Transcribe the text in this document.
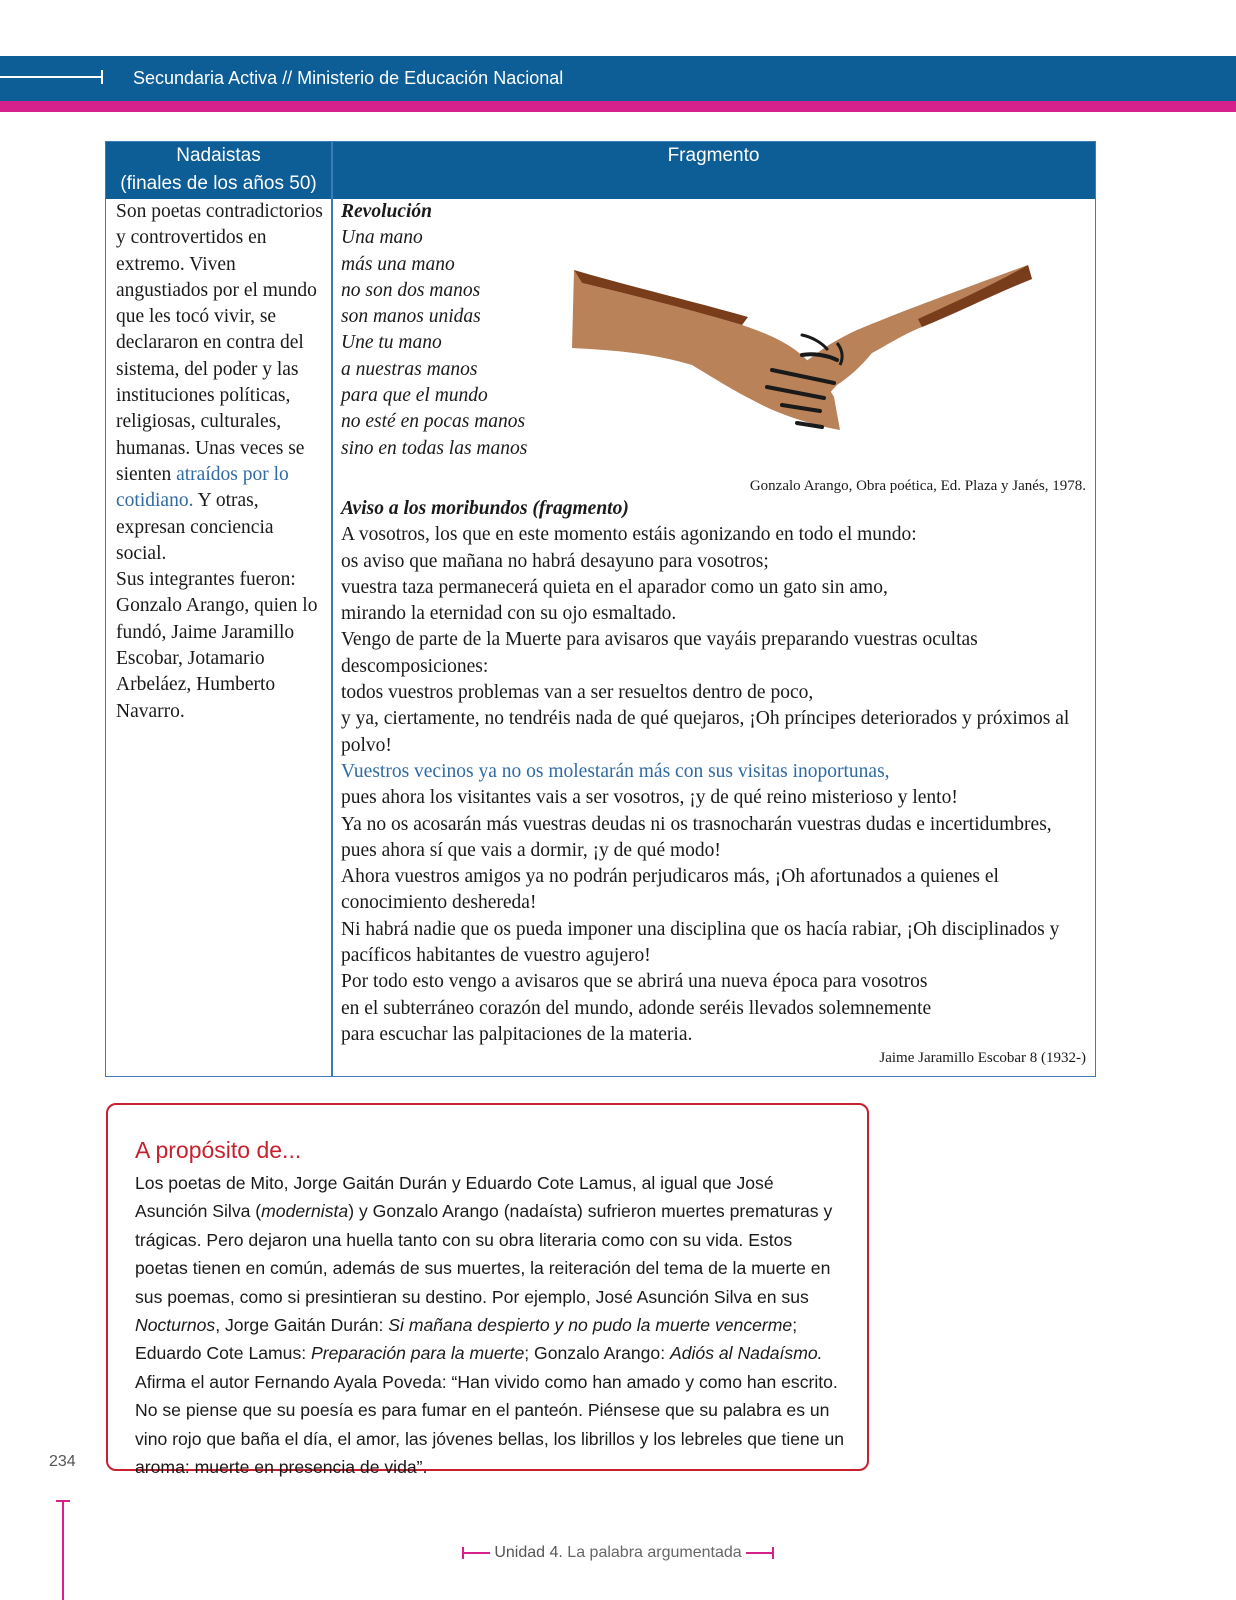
Secundaria Activa // Ministerio de Educación Nacional
Nadaistas
(finales de los años 50)
Fragmento
Son poetas contradictorios y controvertidos en extremo. Viven angustiados por el mundo que les tocó vivir, se declararon en contra del sistema, del poder y las instituciones políticas, religiosas, culturales, humanas. Unas veces se sienten atraídos por lo cotidiano. Y otras, expresan conciencia social.
Sus integrantes fueron: Gonzalo Arango, quien lo fundó, Jaime Jaramillo Escobar, Jotamario Arbeláez, Humberto Navarro.
Revolución
Una mano
más una mano
no son dos manos
son manos unidas
Une tu mano
a nuestras manos
para que el mundo
no esté en pocas manos
sino en todas las manos
Gonzalo Arango, Obra poética, Ed. Plaza y Janés, 1978.
Aviso a los moribundos (fragmento)
A vosotros, los que en este momento estáis agonizando en todo el mundo:
os aviso que mañana no habrá desayuno para vosotros;
vuestra taza permanecerá quieta en el aparador como un gato sin amo,
mirando la eternidad con su ojo esmaltado.
Vengo de parte de la Muerte para avisaros que vayáis preparando vuestras ocultas descomposiciones:
todos vuestros problemas van a ser resueltos dentro de poco,
y ya, ciertamente, no tendréis nada de qué quejaros, ¡Oh príncipes deteriorados y próximos al polvo!
Vuestros vecinos ya no os molestarán más con sus visitas inoportunas,
pues ahora los visitantes vais a ser vosotros, ¡y de qué reino misterioso y lento!
Ya no os acosarán más vuestras deudas ni os trasnocharán vuestras dudas e incertidumbres,
pues ahora sí que vais a dormir, ¡y de qué modo!
Ahora vuestros amigos ya no podrán perjudicaros más, ¡Oh afortunados a quienes el conocimiento deshereda!
Ni habrá nadie que os pueda imponer una disciplina que os hacía rabiar, ¡Oh disciplinados y pacíficos habitantes de vuestro agujero!
Por todo esto vengo a avisaros que se abrirá una nueva época para vosotros
en el subterráneo corazón del mundo, adonde seréis llevados solemnemente
para escuchar las palpitaciones de la materia.
Jaime Jaramillo Escobar 8 (1932-)
A propósito de...
Los poetas de Mito, Jorge Gaitán Durán y Eduardo Cote Lamus, al igual que José Asunción Silva (modernista) y Gonzalo Arango (nadaísta) sufrieron muertes prematuras y trágicas. Pero dejaron una huella tanto con su obra literaria como con su vida. Estos poetas tienen en común, además de sus muertes, la reiteración del tema de la muerte en sus poemas, como si presintieran su destino. Por ejemplo, José Asunción Silva en sus Nocturnos, Jorge Gaitán Durán: Si mañana despierto y no pudo la muerte vencerme; Eduardo Cote Lamus: Preparación para la muerte; Gonzalo Arango: Adiós al Nadaísmo. Afirma el autor Fernando Ayala Poveda: “Han vivido como han amado y como han escrito. No se piense que su poesía es para fumar en el panteón. Piénsese que su palabra es un vino rojo que baña el día, el amor, las jóvenes bellas, los librillos y los lebreles que tiene un aroma: muerte en presencia de vida”.
234
Unidad 4. La palabra argumentada
